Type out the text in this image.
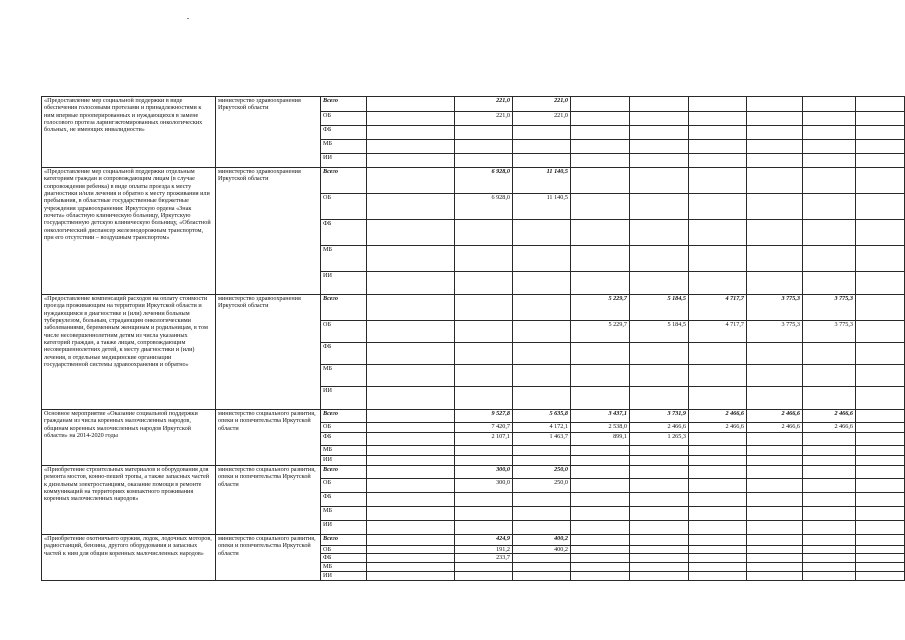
«Предоставление мер социальной поддержки в виде обеспечения голосовыми протезами и принадлежностями к ним впервые прооперированных и нуждающихся в замене голосового протеза ларингэктомированных онкологических больных, не имеющих инвалидности»	министерство здравоохранения Иркутской области	Всего		221,0	221,0						
		ОБ		221,0	221,0						
		ФБ									
		МБ									
		ИИ									
«Предоставление мер социальной поддержки отдельным категориям граждан и сопровождающим лицам (в случае сопровождения ребенка) в виде оплаты проезда к месту диагностики и/или лечения и обратно к месту проживания или пребывания, в областные государственные бюджетные учреждения здравоохранения: Иркутскую ордена «Знак почета» областную клиническую больницу, Иркутскую государственную детскую клиническую больницу, «Областной онкологический диспансер железнодорожным транспортом, при его отсутствии – воздушным транспортом»	министерство здравоохранения Иркутской области	Всего		6 928,0	11 140,5						
		ОБ		6 928,0	11 140,5						
		ФБ									
		МБ									
		ИИ									
«Предоставление компенсаций расходов на оплату стоимости проезда проживающим на территории Иркутской области и нуждающимся в диагностике и (или) лечении больным туберкулезом, больным, страдающим онкологическими заболеваниями, беременным женщинам и родильницам, в том числе несовершеннолетним детям из числа указанных категорий граждан, а также лицам, сопровождающим несовершеннолетних детей, к месту диагностики и (или) лечения, в отдельные медицинские организации государственной системы здравоохранения и обратно»	министерство здравоохранения Иркутской области	Всего				5 229,7	5 184,5	4 717,7	3 775,3	3 775,3	
		ОБ				5 229,7	5 184,5	4 717,7	3 775,3	3 775,3	
		ФБ									
		МБ									
		ИИ									
Основное мероприятие «Оказание социальной поддержки гражданам из числа коренных малочисленных народов, общинам коренных малочисленных народов Иркутской области» на 2014-2020 годы	министерство социального развития, опеки и попечительства Иркутской области	Всего		9 527,8	5 635,8	3 437,1	3 731,9	2 466,6	2 466,6	2 466,6	
		ОБ		7 420,7	4 172,1	2 538,0	2 466,6	2 466,6	2 466,6	2 466,6	
		ФБ		2 107,1	1 463,7	899,1	1 265,3				
		МБ									
		ИИ									
«Приобретение строительных материалов и оборудования для ремонта мостов, конно-пешей тропы, а также запасных частей к дизельным электростанциям, оказание помощи в ремонте коммуникаций на территориях компактного проживания коренных малочисленных народов»	министерство социального развития, опеки и попечительства Иркутской области	Всего		300,0	250,0						
		ОБ		300,0	250,0						
		ФБ									
		МБ									
		ИИ									
«Приобретение охотничьего оружия, лодок, лодочных моторов, радиостанций, бензина, другого оборудования и запасных частей к ним для общин коренных малочисленных народов»	министерство социального развития, опеки и попечительства Иркутской области	Всего		424,9	400,2						
		ОБ		191,2	400,2						
		ФБ		233,7							
		МБ									
		ИИ									
